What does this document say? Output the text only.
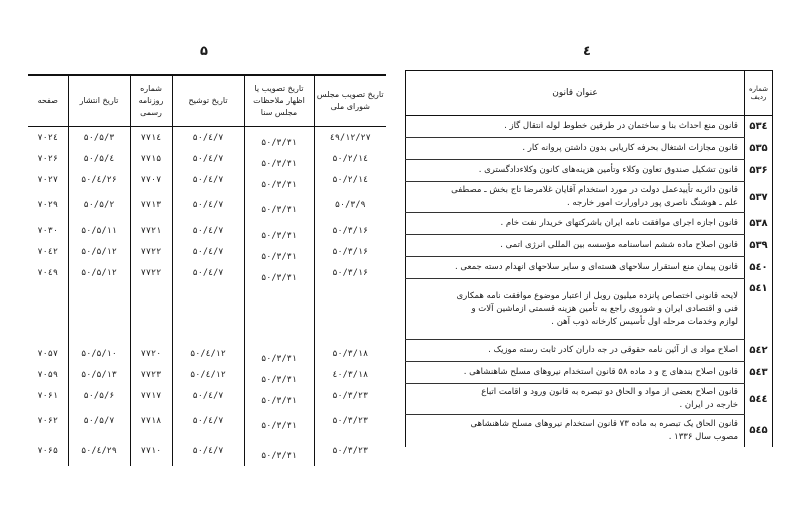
۵	٤
صفحه	تاریخ انتشار	شماره روزنامه رسمی	تاریخ توشیح	تاریخ تصویب یا اظهار ملاحظات مجلس سنا	تاریخ تصویب مجلس شورای ملی
۷۰۲٤	۵۰/۵/۳	۷۷۱٤	۵۰/٤/۷	۵۰/۳/۳۱	٤۹/۱۲/۲۷
۷۰۲۶	۵۰/۵/٤	۷۷۱۵	۵۰/٤/۷	۵۰/۳/۳۱	۵۰/۲/۱٤
۷۰۲۷	۵۰/٤/۲۶	۷۷۰۷	۵۰/٤/۷	۵۰/۳/۳۱	۵۰/۲/۱٤
۷۰۲۹	۵۰/۵/۲	۷۷۱۳	۵۰/٤/۷	۵۰/۳/۳۱	۵۰/۳/۹
۷۰۳۰	۵۰/۵/۱۱	۷۷۲۱	۵۰/٤/۷	۵۰/۳/۳۱	۵۰/۳/۱۶
۷۰٤۲	۵۰/۵/۱۲	۷۷۲۲	۵۰/٤/۷	۵۰/۳/۳۱	۵۰/۳/۱۶
۷۰٤۹	۵۰/۵/۱۲	۷۷۲۲	۵۰/٤/۷	۵۰/۳/۳۱	۵۰/۳/۱۶

۷۰۵۷	۵۰/۵/۱۰	۷۷۲۰	۵۰/٤/۱۲	۵۰/۳/۳۱	۵۰/۳/۱۸
۷۰۵۹	۵۰/۵/۱۳	۷۷۲۳	۵۰/٤/۱۲	۵۰/۳/۳۱	٤۰/۳/۱۸
۷۰۶۱	۵۰/۵/۶	۷۷۱۷	۵۰/٤/۷	۵۰/۳/۳۱	۵۰/۳/۲۳
۷۰۶۲	۵۰/۵/۷	۷۷۱۸	۵۰/٤/۷	۵۰/۳/۳۱	۵۰/۳/۲۳
۷۰۶۵	۵۰/٤/۲۹	۷۷۱۰	۵۰/٤/۷	۵۰/۳/۳۱	۵۰/۳/۲۳
عنوان قانون	شماره ردیف

قانون منع احداث بنا و ساختمان در طرفین خطوط لوله انتقال گاز .	۵۳٤

قانون مجازات اشتغال بحرفه کاریابی بدون داشتن پروانه کار .	۵۳۵

قانون تشکیل صندوق تعاون وکلاء وتأمین هزینه‌های کانون وکلاءدادگستری .	۵۳۶

قانون دائربه تأییدعمل دولت در مورد استخدام آقایان غلامرضا تاج بخش ـ مصطفی
علم ـ هوشنگ ناصری پور دراورارت امور خارجه .	۵۳۷

قانون اجازه اجرای موافقت نامه ایران باشرکتهای خریدار نفت خام .	۵۳۸

قانون اصلاح ماده ششم اساسنامه مؤسسه بین المللی انرژی اتمی .	۵۳۹

قانون پیمان منع استقرار سلاحهای هسته‌ای و سایر سلاحهای انهدام دسته جمعی .	۵٤۰

لایحه قانونی اختصاص پانزده میلیون روبل از اعتبار موضوع موافقت نامه همکاری
فنی و اقتصادی ایران و شوروی راجع به تأمین هزینه قسمتی ازماشین آلات و
لوازم وخدمات مرحله اول تأسیس کارخانه ذوب آهن .	۵٤۱

اصلاح مواد ی از آئین نامه حقوقی در جه داران کادر ثابت رسته موزیک .	۵٤۲

قانون اصلاح بندهای ج و د ماده ۵۸ قانون استخدام نیروهای مسلح شاهنشاهی .	۵٤۳

قانون اصلاح بعضی از مواد و الحاق دو تبصره به قانون ورود و اقامت اتباع
خارجه در ایران .	۵٤٤

قانون الحاق یک تبصره به ماده ۷۳ قانون استخدام نیروهای مسلح شاهنشاهی
مصوب سال ۱۳۳۶ .	۵٤۵
